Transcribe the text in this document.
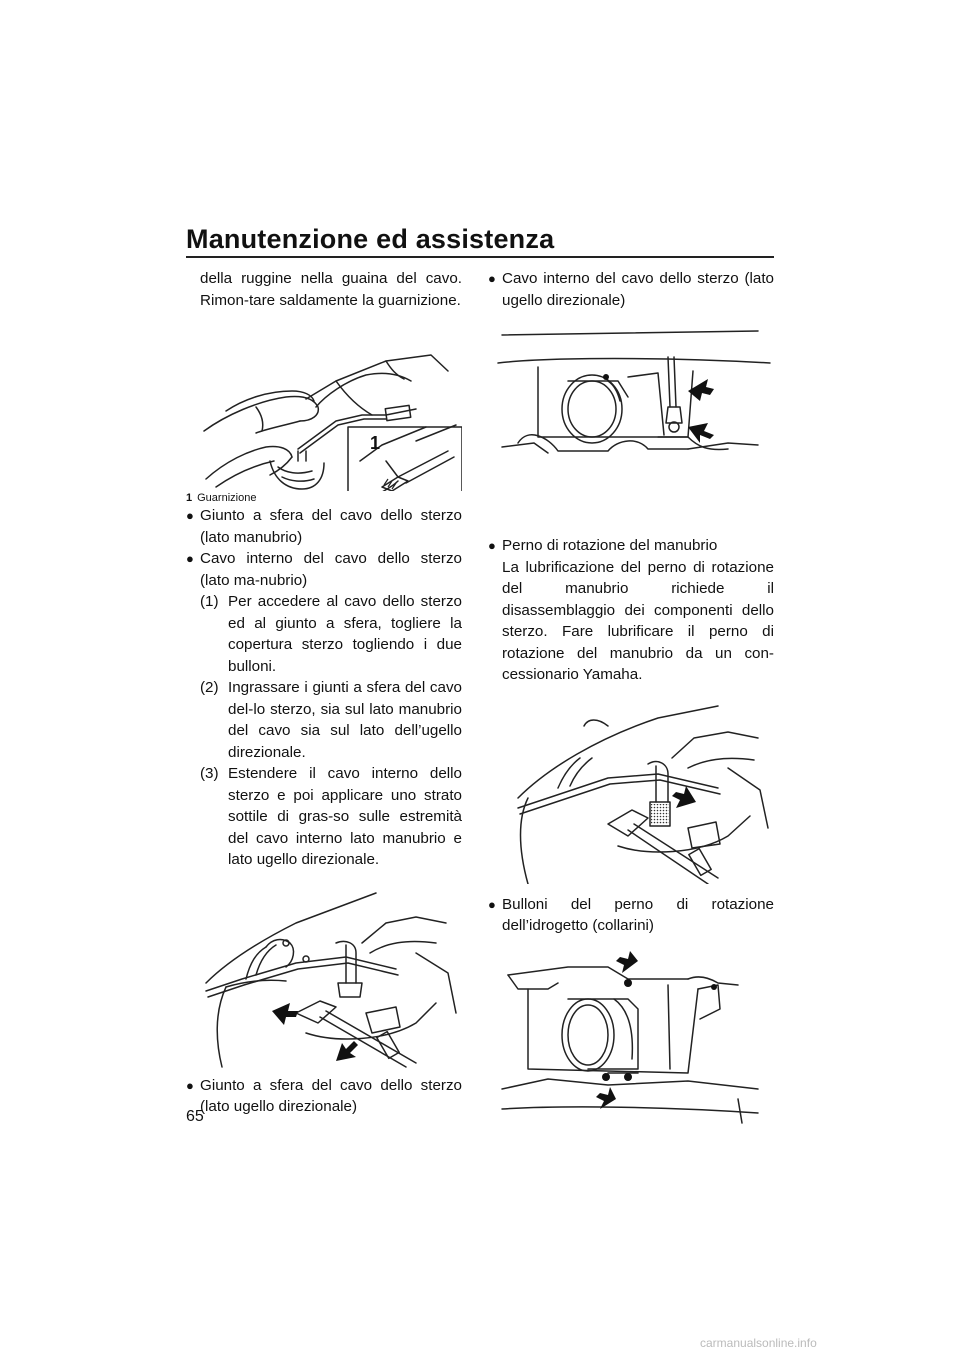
Manutenzione ed assistenza

della ruggine nella guaina del cavo. Rimon-tare saldamente la guarnizione.

1

1 Guarnizione

● Giunto a sfera del cavo dello sterzo (lato manubrio)
● Cavo interno del cavo dello sterzo (lato ma-nubrio)
(1) Per accedere al cavo dello sterzo ed al giunto a sfera, togliere la copertura sterzo togliendo i due bulloni.
(2) Ingrassare i giunti a sfera del cavo del-lo sterzo, sia sul lato manubrio del cavo sia sul lato dell’ugello direzionale.
(3) Estendere il cavo interno dello sterzo e poi applicare uno strato sottile di gras-so sulle estremità del cavo interno lato manubrio e lato ugello direzionale.
● Giunto a sfera del cavo dello sterzo (lato ugello direzionale)
● Cavo interno del cavo dello sterzo (lato ugello direzionale)
● Perno di rotazione del manubrio

La lubrificazione del perno di rotazione del manubrio richiede il disassemblaggio dei componenti dello sterzo. Fare lubrificare il perno di rotazione del manubrio da un con-cessionario Yamaha.

● Bulloni del perno di rotazione dell’idrogetto (collarini)
65
carmanualsonline.info
